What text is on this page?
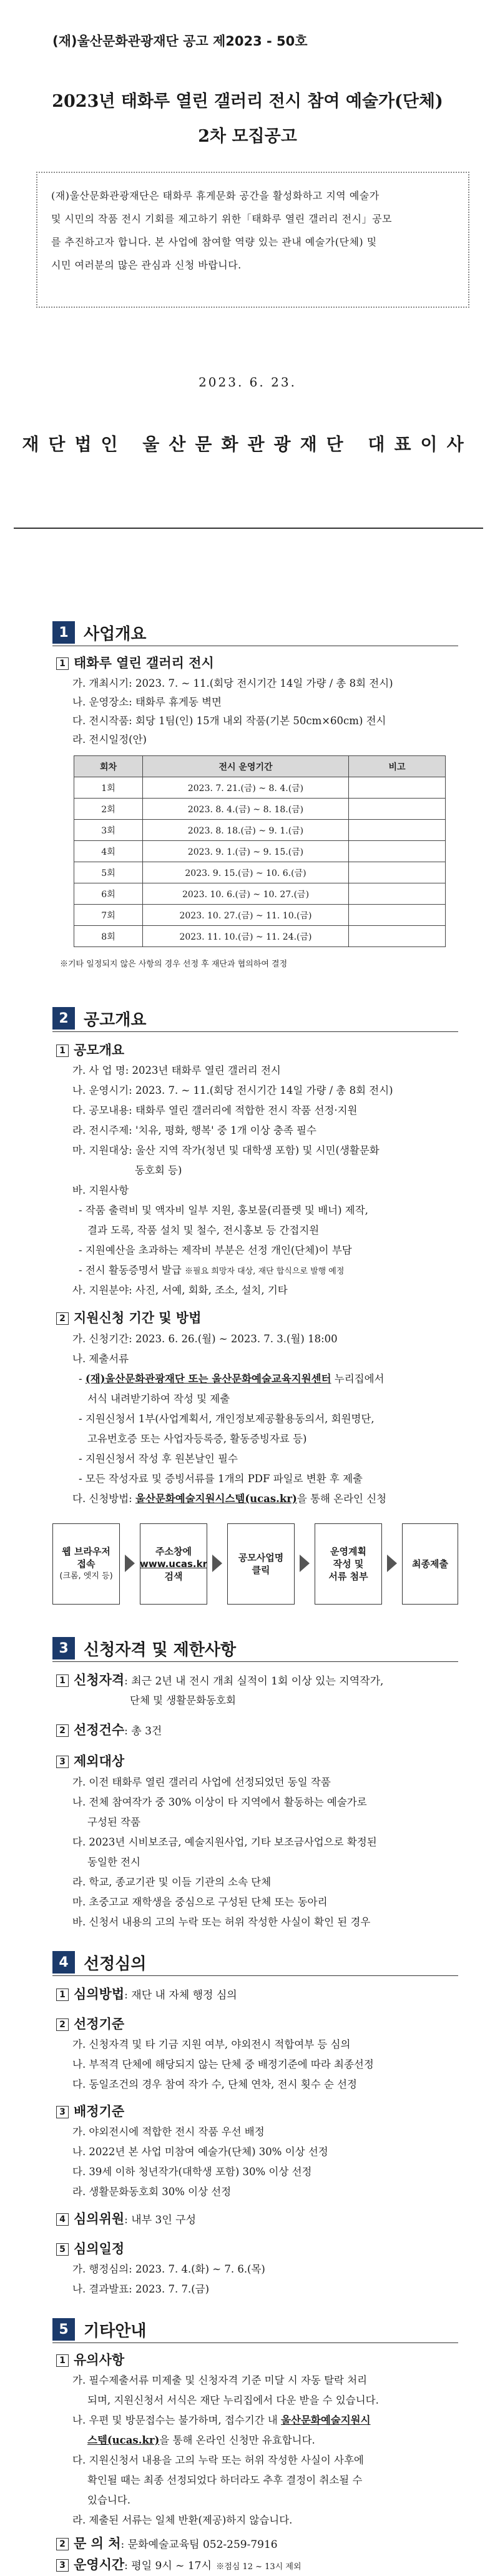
(재)울산문화관광재단 공고 제2023 - 50호
2023년 태화루 열린 갤러리 전시 참여 예술가(단체)
2차 모집공고

(재)울산문화관광재단은 태화루 휴게문화 공간을 활성화하고 지역 예술가

및 시민의 작품 전시 기회를 제고하기 위한「태화루 열린 갤러리 전시」공모

를 추진하고자 합니다. 본 사업에 참여할 역량 있는 관내 예술가(단체) 및

시민 여러분의 많은 관심과 신청 바랍니다.

2023. 6. 23.
재단법인 울산문화관광재단 대표이사
1 사업개요
1 태화루 열린 갤러리 전시
가. 개최시기: 2023. 7. ~ 11.(회당 전시기간 14일 가량 / 총 8회 전시)
나. 운영장소: 태화루 휴게동 벽면
다. 전시작품: 회당 1팀(인) 15개 내외 작품(기본 50cm×60cm) 전시
라. 전시일정(안)
회차	전시 운영기간	비고
1회	2023. 7. 21.(금) ~ 8. 4.(금)	
2회	2023. 8. 4.(금) ~ 8. 18.(금)	
3회	2023. 8. 18.(금) ~ 9. 1.(금)	
4회	2023. 9. 1.(금) ~ 9. 15.(금)	
5회	2023. 9. 15.(금) ~ 10. 6.(금)	
6회	2023. 10. 6.(금) ~ 10. 27.(금)	
7회	2023. 10. 27.(금) ~ 11. 10.(금)	
8회	2023. 11. 10.(금) ~ 11. 24.(금)	
※기타 일정되지 않은 사항의 경우 선정 후 재단과 협의하여 결정
2 공고개요
1 공모개요
가. 사 업 명: 2023년 태화루 열린 갤러리 전시
나. 운영시기: 2023. 7. ~ 11.(회당 전시기간 14일 가량 / 총 8회 전시)
다. 공모내용: 태화루 열린 갤러리에 적합한 전시 작품 선정·지원
라. 전시주제: '치유, 평화, 행복' 중 1개 이상 충족 필수
마. 지원대상: 울산 지역 작가(청년 및 대학생 포함) 및 시민(생활문화
동호회 등)
바. 지원사항
- 작품 출력비 및 액자비 일부 지원, 홍보물(리플렛 및 배너) 제작,
결과 도록, 작품 설치 및 철수, 전시홍보 등 간접지원
- 지원예산을 초과하는 제작비 부분은 선정 개인(단체)이 부담
- 전시 활동증명서 발급 ※필요 희망자 대상, 재단 합식으로 발행 예정
사. 지원분야: 사진, 서예, 회화, 조소, 설치, 기타
2 지원신청 기간 및 방법
가. 신청기간: 2023. 6. 26.(월) ~ 2023. 7. 3.(월) 18:00
나. 제출서류
- (재)울산문화관광재단 또는 울산문화예술교육지원센터 누리집에서
서식 내려받기하여 작성 및 제출
- 지원신청서 1부(사업계획서, 개인정보제공활용동의서, 회원명단,
고유번호증 또는 사업자등록증, 활동증빙자료 등)
- 지원신청서 작성 후 원본날인 필수
- 모든 작성자료 및 증빙서류를 1개의 PDF 파일로 변환 후 제출
다. 신청방법: 울산문화예술지원시스템(ucas.kr)을 통해 온라인 신청
웹 브라우저
접속
(크롬, 엣지 등)
주소창에
www.ucas.kr
검색
공모사업명
클릭
운영계획
작성 및
서류 첨부
최종제출
3 신청자격 및 제한사항
1 신청자격: 최근 2년 내 전시 개최 실적이 1회 이상 있는 지역작가,
단체 및 생활문화동호회
2 선정건수: 총 3건
3 제외대상
가. 이전 태화루 열린 갤러리 사업에 선정되었던 동일 작품
나. 전체 참여작가 중 30% 이상이 타 지역에서 활동하는 예술가로
구성된 작품
다. 2023년 시비보조금, 예술지원사업, 기타 보조금사업으로 확정된
동일한 전시
라. 학교, 종교기관 및 이들 기관의 소속 단체
마. 초중고교 재학생을 중심으로 구성된 단체 또는 동아리
바. 신청서 내용의 고의 누락 또는 허위 작성한 사실이 확인 된 경우
4 선정심의
1 심의방법: 재단 내 자체 행정 심의
2 선정기준
가. 신청자격 및 타 기금 지원 여부, 야외전시 적합여부 등 심의
나. 부적격 단체에 해당되지 않는 단체 중 배정기준에 따라 최종선정
다. 동일조건의 경우 참여 작가 수, 단체 연차, 전시 횟수 순 선정
3 배정기준
가. 야외전시에 적합한 전시 작품 우선 배정
나. 2022년 본 사업 미참여 예술가(단체) 30% 이상 선정
다. 39세 이하 청년작가(대학생 포함) 30% 이상 선정
라. 생활문화동호회 30% 이상 선정
4 심의위원: 내부 3인 구성
5 심의일정
가. 행정심의: 2023. 7. 4.(화) ~ 7. 6.(목)
나. 결과발표: 2023. 7. 7.(금)
5 기타안내
1 유의사항
가. 필수제출서류 미제출 및 신청자격 기준 미달 시 자동 탈락 처리
되며, 지원신청서 서식은 재단 누리집에서 다운 받을 수 있습니다.
나. 우편 및 방문접수는 불가하며, 접수기간 내 울산문화예술지원시
스템(ucas.kr)을 통해 온라인 신청만 유효합니다.
다. 지원신청서 내용을 고의 누락 또는 허위 작성한 사실이 사후에
확인될 때는 최종 선정되었다 하더라도 추후 결정이 취소될 수
있습니다.
라. 제출된 서류는 일체 반환(제공)하지 않습니다.
2 문 의 처: 문화예술교육팀 052-259-7916
3 운영시간: 평일 9시 ~ 17시 ※점심 12 ~ 13시 제외
